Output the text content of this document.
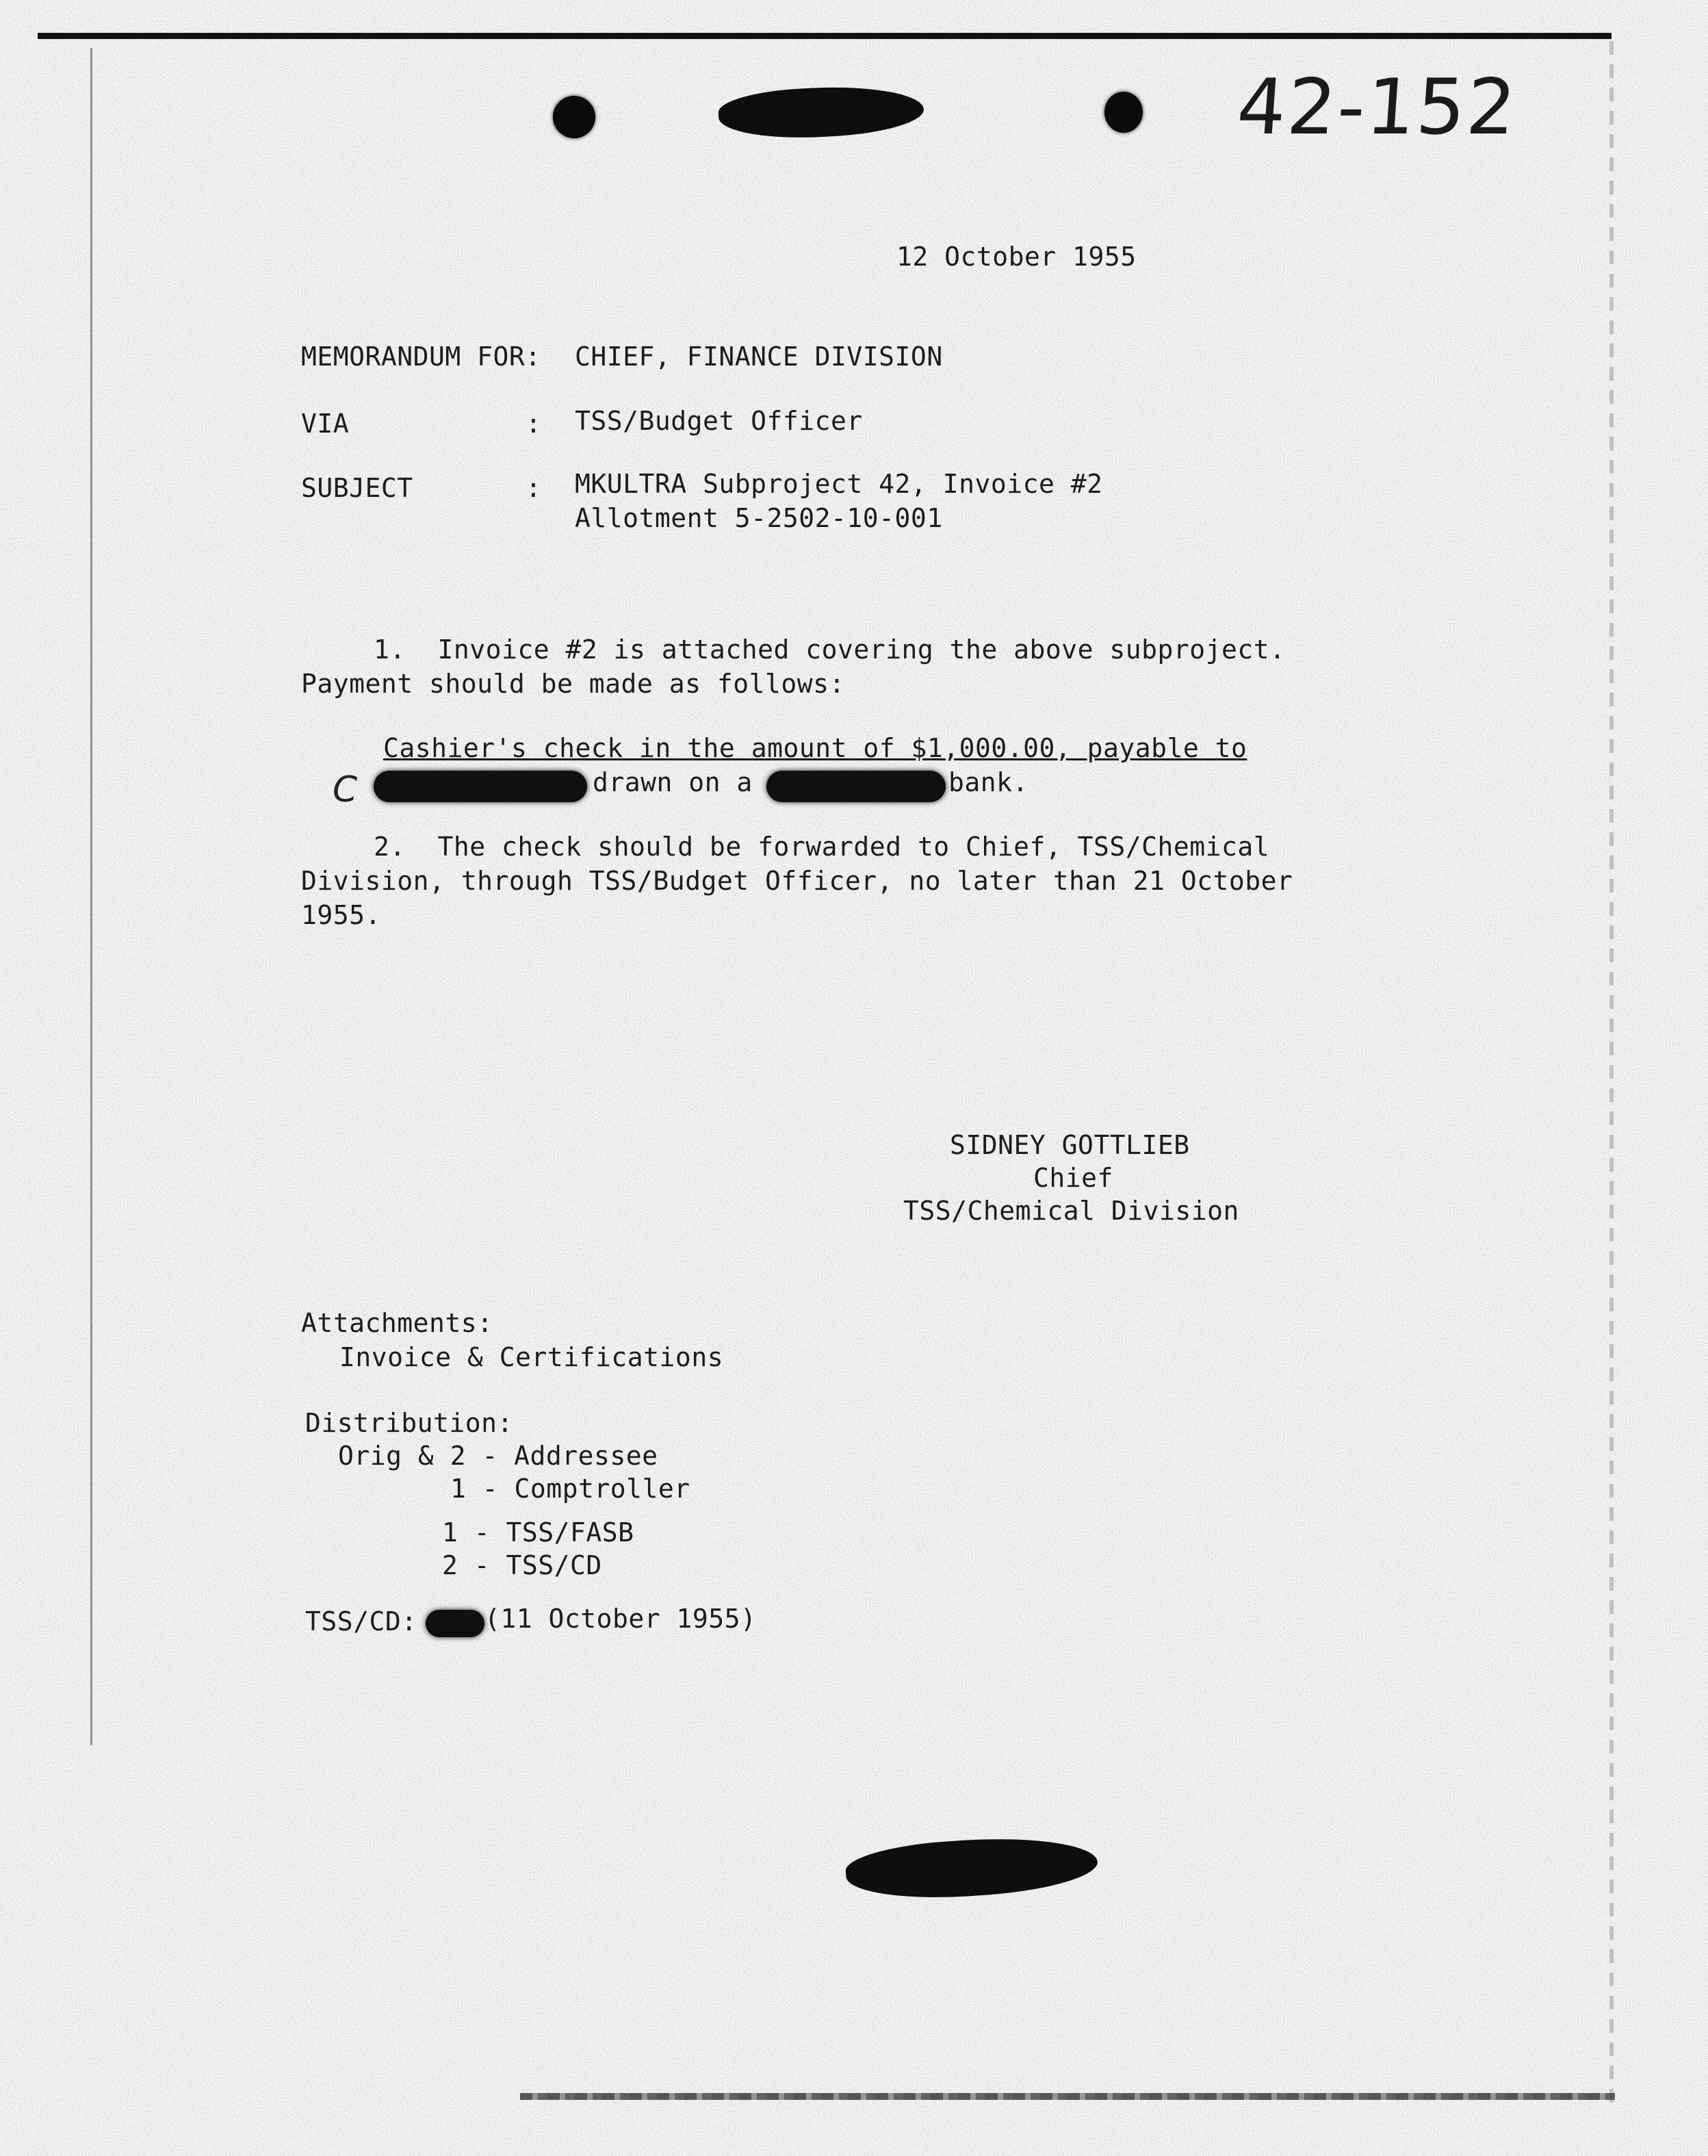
42-152
12 October 1955
MEMORANDUM FOR: CHIEF, FINANCE DIVISION
VIA	: TSS/Budget Officer
SUBJECT	: MKULTRA Subproject 42, Invoice #2
Allotment 5-2502-10-001
1.  Invoice #2 is attached covering the above subproject.
Payment should be made as follows:
Cashier's check in the amount of $1,000.00, payable to
C	drawn on a	bank.
2.  The check should be forwarded to Chief, TSS/Chemical
Division, through TSS/Budget Officer, no later than 21 October
1955.
SIDNEY GOTTLIEB
Chief
TSS/Chemical Division
Attachments:
Invoice & Certifications
Distribution:
Orig & 2 - Addressee
1 - Comptroller
1 - TSS/FASB
2 - TSS/CD
TSS/CD:	(11 October 1955)
